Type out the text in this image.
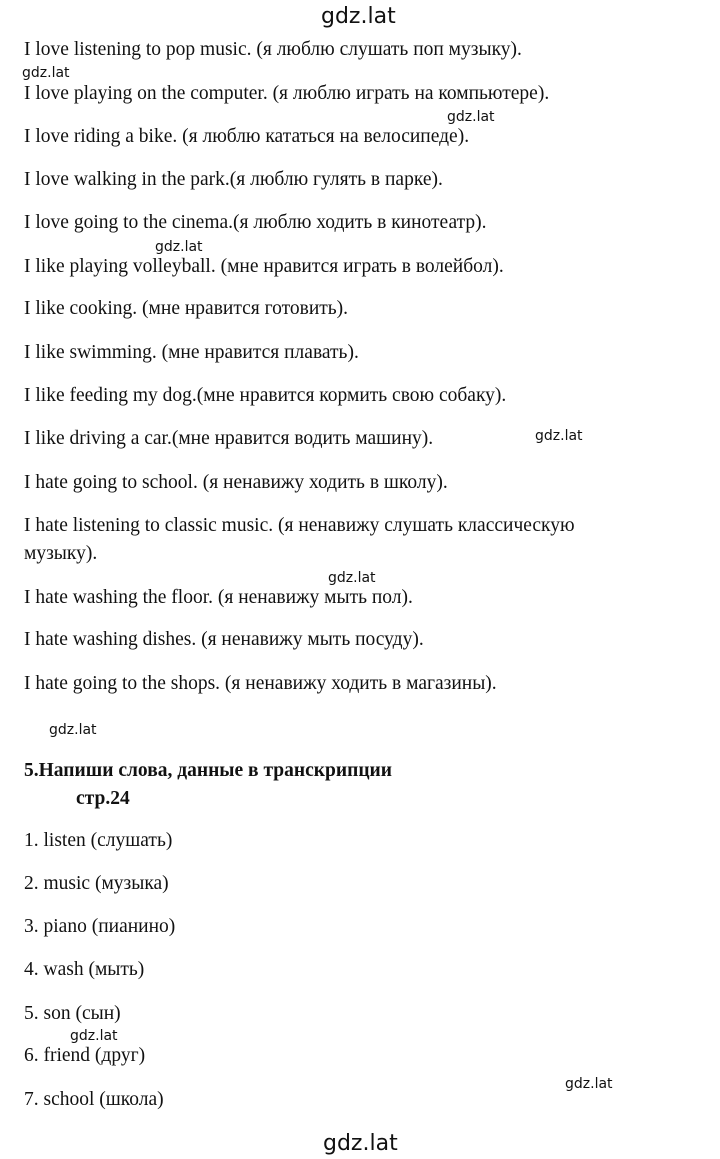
gdz.lat
I love listening to pop music. (я люблю слушать поп музыку).
gdz.lat
I love playing on the computer. (я люблю играть на компьютере).
gdz.lat
I love riding a bike. (я люблю кататься на велосипеде).
I love walking in the park.(я люблю гулять в парке).
I love going to the cinema.(я люблю ходить в кинотеатр).
gdz.lat
I like playing volleyball. (мне нравится играть в волейбол).
I like cooking. (мне нравится готовить).
I like swimming. (мне нравится плавать).
I like feeding my dog.(мне нравится кормить свою собаку).
I like driving a car.(мне нравится водить машину).	gdz.lat
I hate going to school. (я ненавижу ходить в школу).
I hate listening to classic music. (я ненавижу слушать классическую
музыку).
gdz.lat
I hate washing the floor. (я ненавижу мыть пол).
I hate washing dishes. (я ненавижу мыть посуду).
I hate going to the shops. (я ненавижу ходить в магазины).
gdz.lat
5.Напиши слова, данные в транскрипции
стр.24
1. listen (слушать)
2. music (музыка)
3. piano (пианино)
4. wash (мыть)
5. son (сын)
gdz.lat
6. friend (друг)
gdz.lat
7. school (школа)
gdz.lat
